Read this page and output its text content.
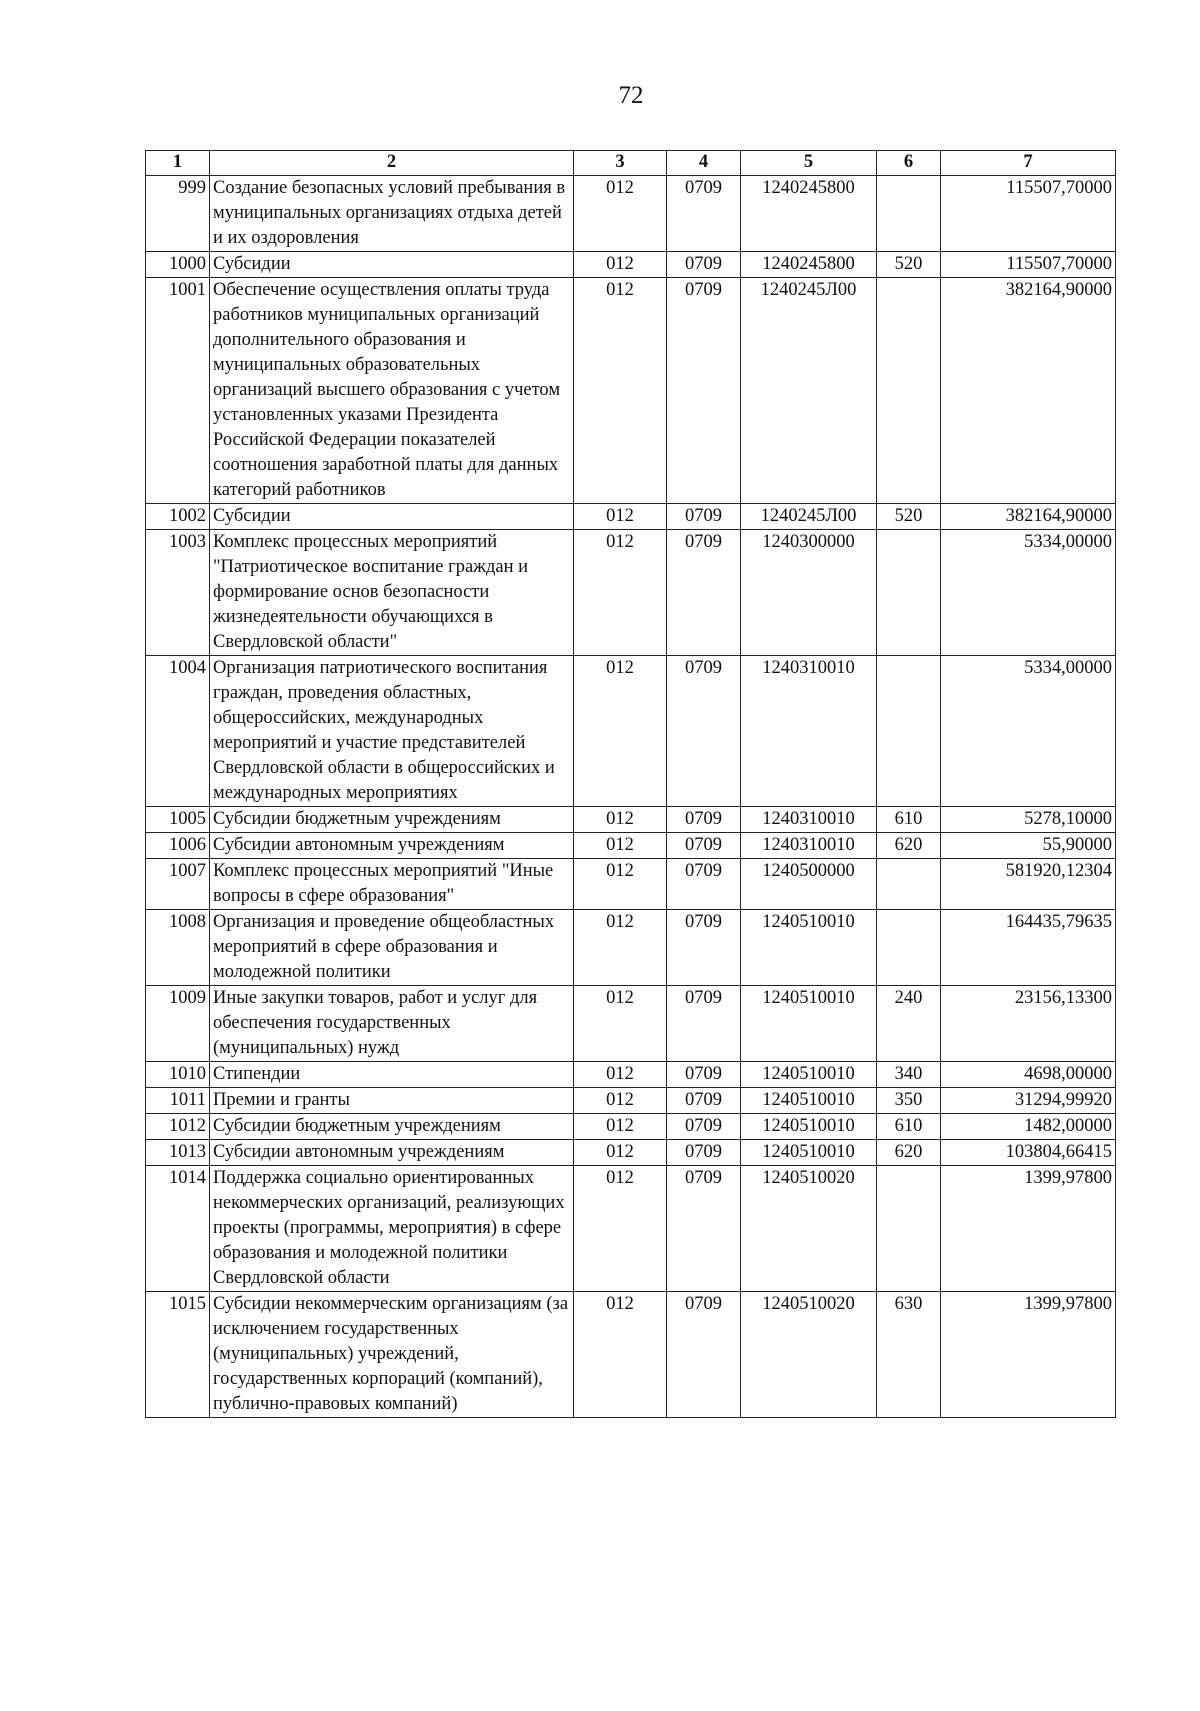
72
1	2	3	4	5	6	7
999	Создание безопасных условий пребывания в муниципальных организациях отдыха детей и их оздоровления	012	0709	1240245800		115507,70000
1000	Субсидии	012	0709	1240245800	520	115507,70000
1001	Обеспечение осуществления оплаты труда работников муниципальных организаций дополнительного образования и муниципальных образовательных организаций высшего образования с учетом установленных указами Президента Российской Федерации показателей соотношения заработной платы для данных категорий работников	012	0709	1240245Л00		382164,90000
1002	Субсидии	012	0709	1240245Л00	520	382164,90000
1003	Комплекс процессных мероприятий "Патриотическое воспитание граждан и формирование основ безопасности жизнедеятельности обучающихся в Свердловской области"	012	0709	1240300000		5334,00000
1004	Организация патриотического воспитания граждан, проведения областных, общероссийских, международных мероприятий и участие представителей Свердловской области в общероссийских и международных мероприятиях	012	0709	1240310010		5334,00000
1005	Субсидии бюджетным учреждениям	012	0709	1240310010	610	5278,10000
1006	Субсидии автономным учреждениям	012	0709	1240310010	620	55,90000
1007	Комплекс процессных мероприятий "Иные вопросы в сфере образования"	012	0709	1240500000		581920,12304
1008	Организация и проведение общеобластных мероприятий в сфере образования и молодежной политики	012	0709	1240510010		164435,79635
1009	Иные закупки товаров, работ и услуг для обеспечения государственных (муниципальных) нужд	012	0709	1240510010	240	23156,13300
1010	Стипендии	012	0709	1240510010	340	4698,00000
1011	Премии и гранты	012	0709	1240510010	350	31294,99920
1012	Субсидии бюджетным учреждениям	012	0709	1240510010	610	1482,00000
1013	Субсидии автономным учреждениям	012	0709	1240510010	620	103804,66415
1014	Поддержка социально ориентированных некоммерческих организаций, реализующих проекты (программы, мероприятия) в сфере образования и молодежной политики Свердловской области	012	0709	1240510020		1399,97800
1015	Субсидии некоммерческим организациям (за исключением государственных (муниципальных) учреждений, государственных корпораций (компаний), публично-правовых компаний)	012	0709	1240510020	630	1399,97800
